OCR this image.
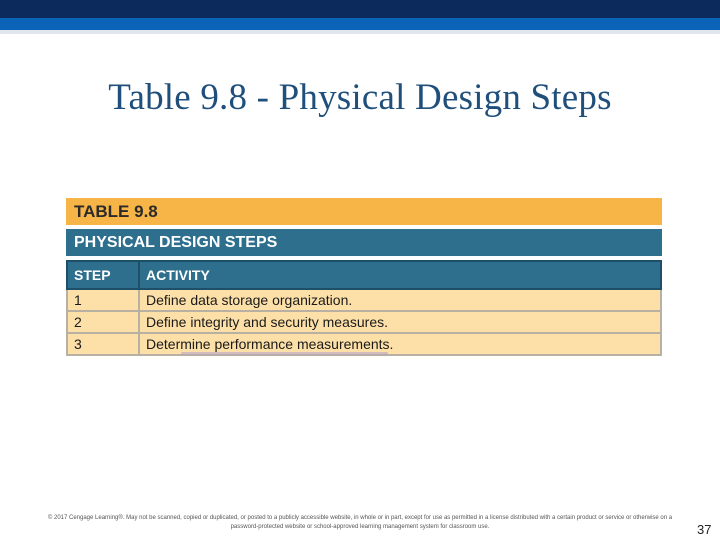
Table 9.8 - Physical Design Steps
TABLE 9.8
PHYSICAL DESIGN STEPS
STEP	ACTIVITY
1	Define data storage organization.
2	Define integrity and security measures.
3	Determine performance measurements.
© 2017 Cengage Learning®. May not be scanned, copied or duplicated, or posted to a publicly accessible website, in whole or in part, except for use as permitted in a license distributed with a certain product or service or otherwise on a password-protected website or school-approved learning management system for classroom use.	37
